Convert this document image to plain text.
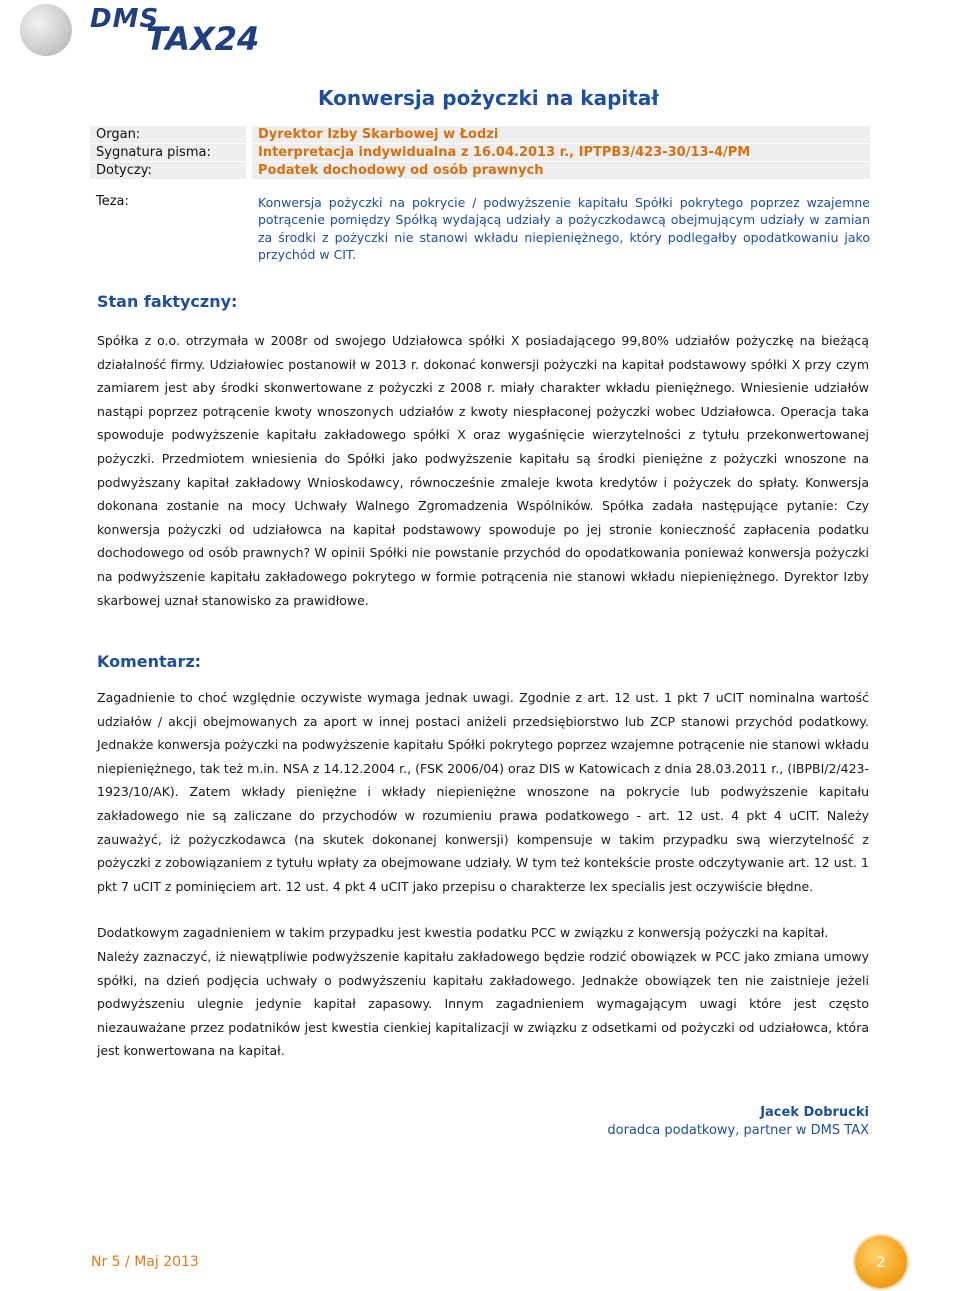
DMS
TAX24
Konwersja pożyczki na kapitał
Organ:	Dyrektor Izby Skarbowej w Łodzi
Sygnatura pisma:	Interpretacja indywidualna z 16.04.2013 r., IPTPB3/423-30/13-4/PM
Dotyczy:	Podatek dochodowy od osób prawnych
Teza:	Konwersja pożyczki na pokrycie / podwyższenie kapitału Spółki pokrytego poprzez wzajemne potrącenie pomiędzy Spółką wydającą udziały a pożyczkodawcą obejmującym udziały w zamian za środki z pożyczki nie stanowi wkładu niepieniężnego, który podlegałby opodatkowaniu jako przychód w CIT.
Stan faktyczny:

Spółka z o.o. otrzymała w 2008r od swojego Udziałowca spółki X posiadającego 99,80% udziałów pożyczkę na bieżącą działalność firmy. Udziałowiec postanowił w 2013 r. dokonać konwersji pożyczki na kapitał podstawowy spółki X przy czym zamiarem jest aby środki skonwertowane z pożyczki z 2008 r. miały charakter wkładu pieniężnego. Wniesienie udziałów nastąpi poprzez potrącenie kwoty wnoszonych udziałów z kwoty niespłaconej pożyczki wobec Udziałowca. Operacja taka spowoduje podwyższenie kapitału zakładowego spółki X oraz wygaśnięcie wierzytelności z tytułu przekonwertowanej pożyczki. Przedmiotem wniesienia do Spółki jako podwyższenie kapitału są środki pieniężne z pożyczki wnoszone na podwyższany kapitał zakładowy Wnioskodawcy, równocześnie zmaleje kwota kredytów i pożyczek do spłaty. Konwersja dokonana zostanie na mocy Uchwały Walnego Zgromadzenia Wspólników. Spółka zadała następujące pytanie: Czy konwersja pożyczki od udziałowca na kapitał podstawowy spowoduje po jej stronie konieczność zapłacenia podatku dochodowego od osób prawnych? W opinii Spółki nie powstanie przychód do opodatkowania ponieważ konwersja pożyczki na podwyższenie kapitału zakładowego pokrytego w formie potrącenia nie stanowi wkładu niepieniężnego. Dyrektor Izby skarbowej uznał stanowisko za prawidłowe.

Komentarz:

Zagadnienie to choć względnie oczywiste wymaga jednak uwagi. Zgodnie z art. 12 ust. 1 pkt 7 uCIT nominalna wartość udziałów / akcji obejmowanych za aport w innej postaci aniżeli przedsiębiorstwo lub ZCP stanowi przychód podatkowy. Jednakże konwersja pożyczki na podwyższenie kapitału Spółki pokrytego poprzez wzajemne potrącenie nie stanowi wkładu niepieniężnego, tak też m.in. NSA z 14.12.2004 r., (FSK 2006/04) oraz DIS w Katowicach z dnia 28.03.2011 r., (IBPBI/2/423-1923/10/AK). Zatem wkłady pieniężne i wkłady niepieniężne wnoszone na pokrycie lub podwyższenie kapitału zakładowego nie są zaliczane do przychodów w rozumieniu prawa podatkowego - art. 12 ust. 4 pkt 4 uCIT. Należy zauważyć, iż pożyczkodawca (na skutek dokonanej konwersji) kompensuje w takim przypadku swą wierzytelność z pożyczki z zobowiązaniem z tytułu wpłaty za obejmowane udziały. W tym też kontekście proste odczytywanie art. 12 ust. 1 pkt 7 uCIT z pominięciem art. 12 ust. 4 pkt 4 uCIT jako przepisu o charakterze lex specialis jest oczywiście błędne.

Dodatkowym zagadnieniem w takim przypadku jest kwestia podatku PCC w związku z konwersją pożyczki na kapitał.

Należy zaznaczyć, iż niewątpliwie podwyższenie kapitału zakładowego będzie rodzić obowiązek w PCC jako zmiana umowy spółki, na dzień podjęcia uchwały o podwyższeniu kapitału zakładowego. Jednakże obowiązek ten nie zaistnieje jeżeli podwyższeniu ulegnie jedynie kapitał zapasowy. Innym zagadnieniem wymagającym uwagi które jest często niezauważane przez podatników jest kwestia cienkiej kapitalizacji w związku z odsetkami od pożyczki od udziałowca, która jest konwertowana na kapitał.

Jacek Dobrucki
doradca podatkowy, partner w DMS TAX
Nr 5 / Maj 2013	2
